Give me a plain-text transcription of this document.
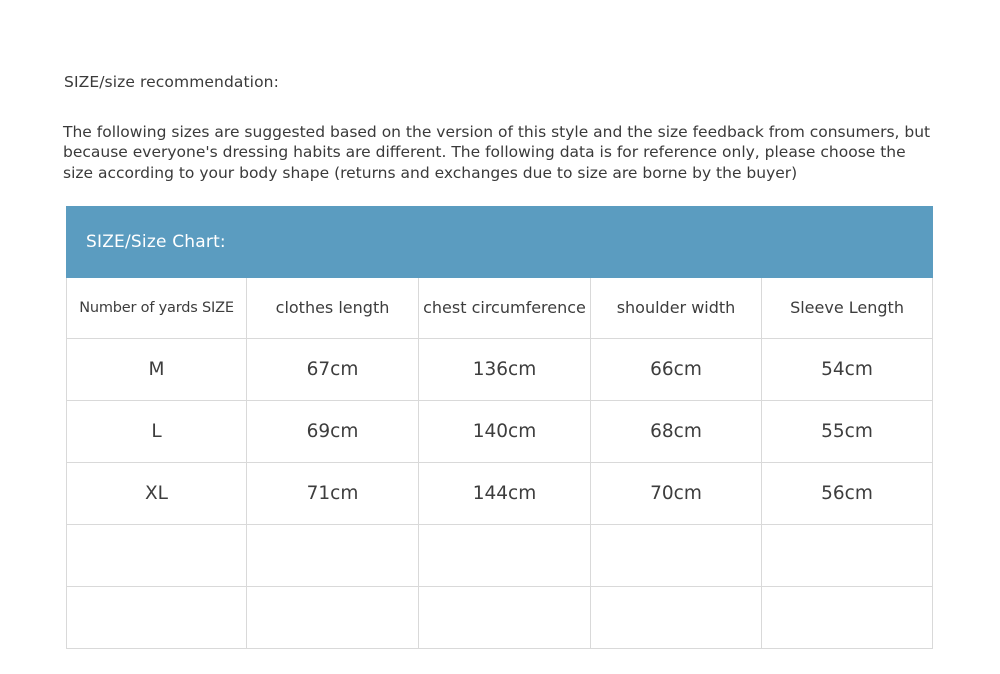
SIZE/size recommendation:
The following sizes are suggested based on the version of this style and the size feedback from consumers, but because everyone's dressing habits are different. The following data is for reference only, please choose the size according to your body shape (returns and exchanges due to size are borne by the buyer)
SIZE/Size Chart:				
Number of yards SIZE	clothes length	chest circumference	shoulder width	Sleeve Length
M	67cm	136cm	66cm	54cm
L	69cm	140cm	68cm	55cm
XL	71cm	144cm	70cm	56cm
